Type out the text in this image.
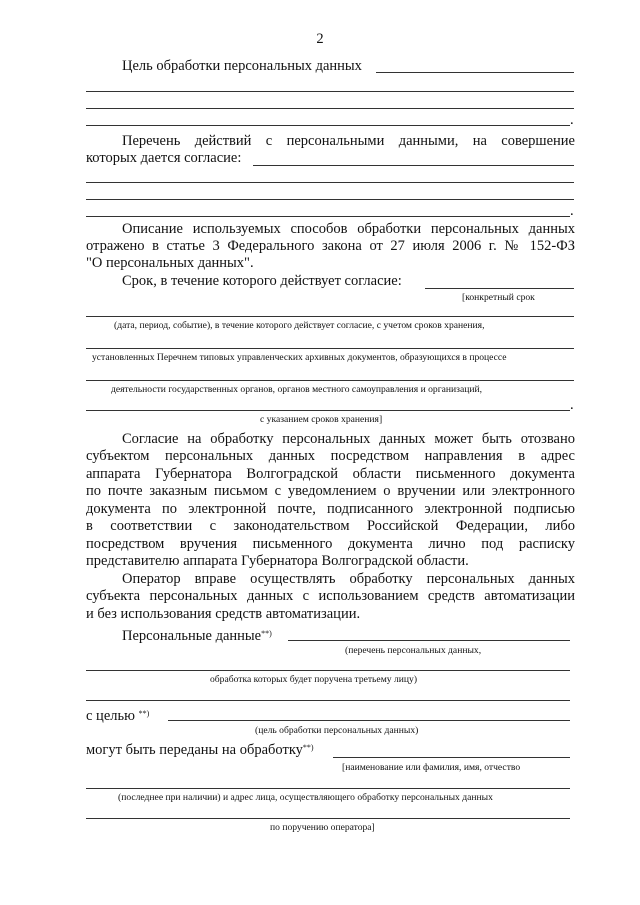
2
Цель обработки персональных данных
.
Перечень действий с персональными данными, на совершение
которых дается согласие:
.
Описание используемых способов обработки персональных данных
отражено в статье 3 Федерального закона от 27 июля 2006 г. № 152-ФЗ
"О персональных данных".
Срок, в течение которого действует согласие:
[конкретный срок
(дата, период, событие), в течение которого действует согласие, с учетом сроков хранения,
установленных Перечнем типовых управленческих архивных документов, образующихся в процессе
деятельности государственных органов, органов местного самоуправления и организаций,
.
с указанием сроков хранения]
Согласие на обработку персональных данных может быть отозвано
субъектом персональных данных посредством направления в адрес
аппарата Губернатора Волгоградской области письменного документа
по почте заказным письмом с уведомлением о вручении или электронного
документа по электронной почте, подписанного электронной подписью
в соответствии с законодательством Российской Федерации, либо
посредством вручения письменного документа лично под расписку
представителю аппарата Губернатора Волгоградской области.
Оператор вправе осуществлять обработку персональных данных
субъекта персональных данных с использованием средств автоматизации
и без использования средств автоматизации.
Персональные данные**)
(перечень персональных данных,
обработка которых будет поручена третьему лицу)
с целью **)
(цель обработки персональных данных)
могут быть переданы на обработку**)
[наименование или фамилия, имя, отчество
(последнее при наличии) и адрес лица, осуществляющего обработку персональных данных
по поручению оператора]
